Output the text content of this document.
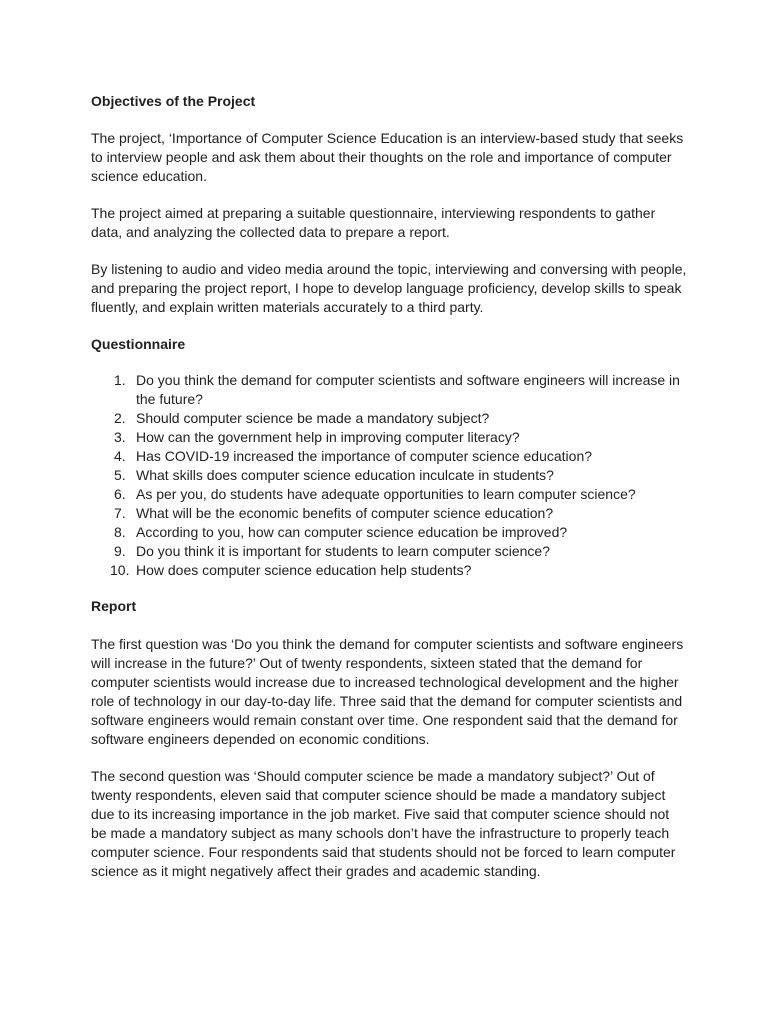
Objectives of the Project

The project, ‘Importance of Computer Science Education is an interview-based study that seeks to interview people and ask them about their thoughts on the role and importance of computer science education.

The project aimed at preparing a suitable questionnaire, interviewing respondents to gather data, and analyzing the collected data to prepare a report.

By listening to audio and video media around the topic, interviewing and conversing with people, and preparing the project report, I hope to develop language proficiency, develop skills to speak fluently, and explain written materials accurately to a third party.

Questionnaire

1. Do you think the demand for computer scientists and software engineers will increase in the future?
2. Should computer science be made a mandatory subject?
3. How can the government help in improving computer literacy?
4. Has COVID-19 increased the importance of computer science education?
5. What skills does computer science education inculcate in students?
6. As per you, do students have adequate opportunities to learn computer science?
7. What will be the economic benefits of computer science education?
8. According to you, how can computer science education be improved?
9. Do you think it is important for students to learn computer science?
10. How does computer science education help students?

Report

The first question was ‘Do you think the demand for computer scientists and software engineers will increase in the future?’ Out of twenty respondents, sixteen stated that the demand for computer scientists would increase due to increased technological development and the higher role of technology in our day-to-day life. Three said that the demand for computer scientists and software engineers would remain constant over time. One respondent said that the demand for software engineers depended on economic conditions.

The second question was ‘Should computer science be made a mandatory subject?’ Out of twenty respondents, eleven said that computer science should be made a mandatory subject due to its increasing importance in the job market. Five said that computer science should not be made a mandatory subject as many schools don’t have the infrastructure to properly teach computer science. Four respondents said that students should not be forced to learn computer science as it might negatively affect their grades and academic standing.
